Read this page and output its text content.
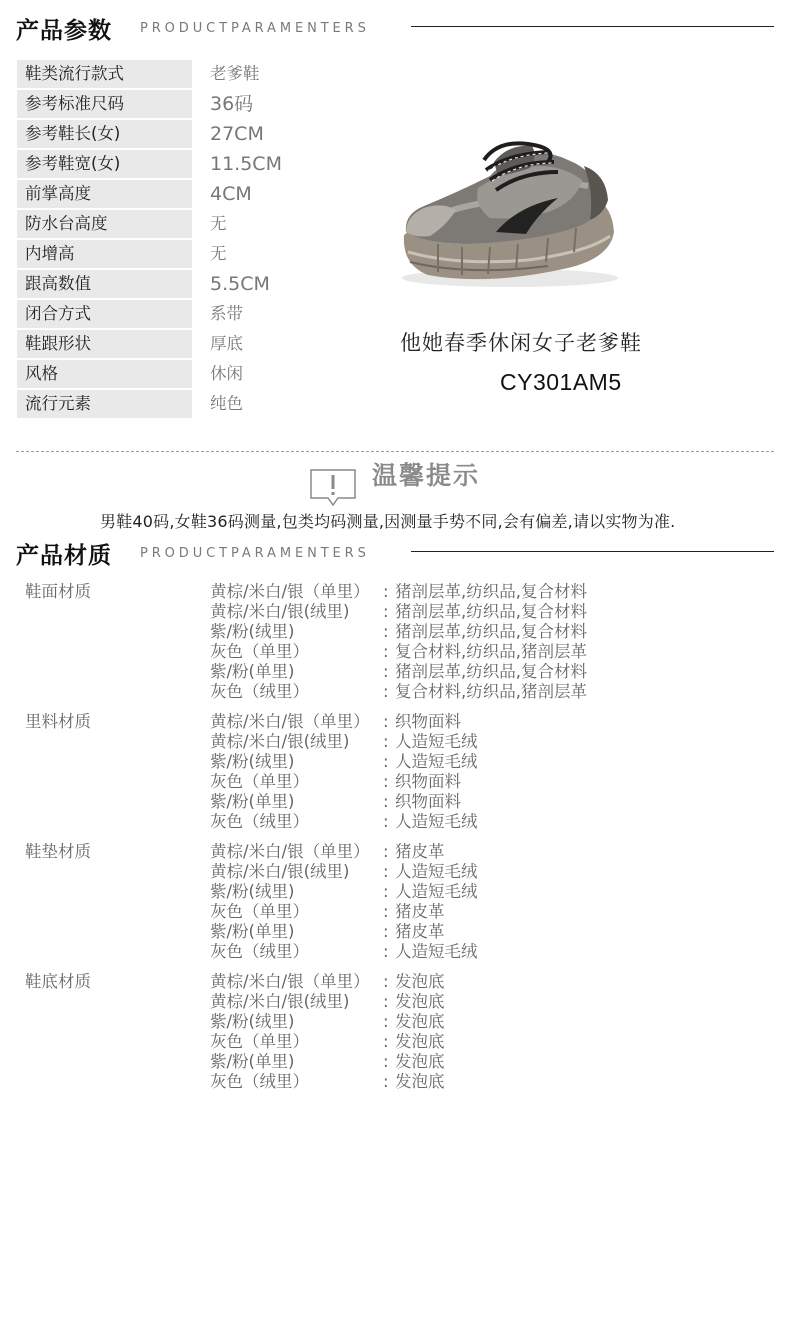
产品参数 PRODUCTPARAMENTERS
鞋类流行款式	老爹鞋
参考标准尺码	36码
参考鞋长(女)	27CM
参考鞋宽(女)	11.5CM
前掌高度	4CM
防水台高度	无
内增高	无
跟高数值	5.5CM
闭合方式	系带
鞋跟形状	厚底
风格	休闲
流行元素	纯色
他她春季休闲女子老爹鞋
CY301AM5
温馨提示
男鞋40码,女鞋36码测量,包类均码测量,因测量手势不同,会有偏差,请以实物为准.
产品材质 PRODUCTPARAMENTERS
鞋面材质	黄棕/米白/银（单里） : 猪剖层革,纺织品,复合材料
黄棕/米白/银(绒里) : 猪剖层革,纺织品,复合材料
紫/粉(绒里)	: 猪剖层革,纺织品,复合材料
灰色（单里）	: 复合材料,纺织品,猪剖层革
紫/粉(单里)	: 猪剖层革,纺织品,复合材料
灰色（绒里）	: 复合材料,纺织品,猪剖层革
里料材质	黄棕/米白/银（单里） : 织物面料
黄棕/米白/银(绒里) : 人造短毛绒
紫/粉(绒里)	: 人造短毛绒
灰色（单里）	: 织物面料
紫/粉(单里)	: 织物面料
灰色（绒里）	: 人造短毛绒
鞋垫材质	黄棕/米白/银（单里） : 猪皮革
黄棕/米白/银(绒里) : 人造短毛绒
紫/粉(绒里)	: 人造短毛绒
灰色（单里）	: 猪皮革
紫/粉(单里)	: 猪皮革
灰色（绒里）	: 人造短毛绒
鞋底材质	黄棕/米白/银（单里） : 发泡底
黄棕/米白/银(绒里) : 发泡底
紫/粉(绒里)	: 发泡底
灰色（单里）	: 发泡底
紫/粉(单里)	: 发泡底
灰色（绒里）	: 发泡底
